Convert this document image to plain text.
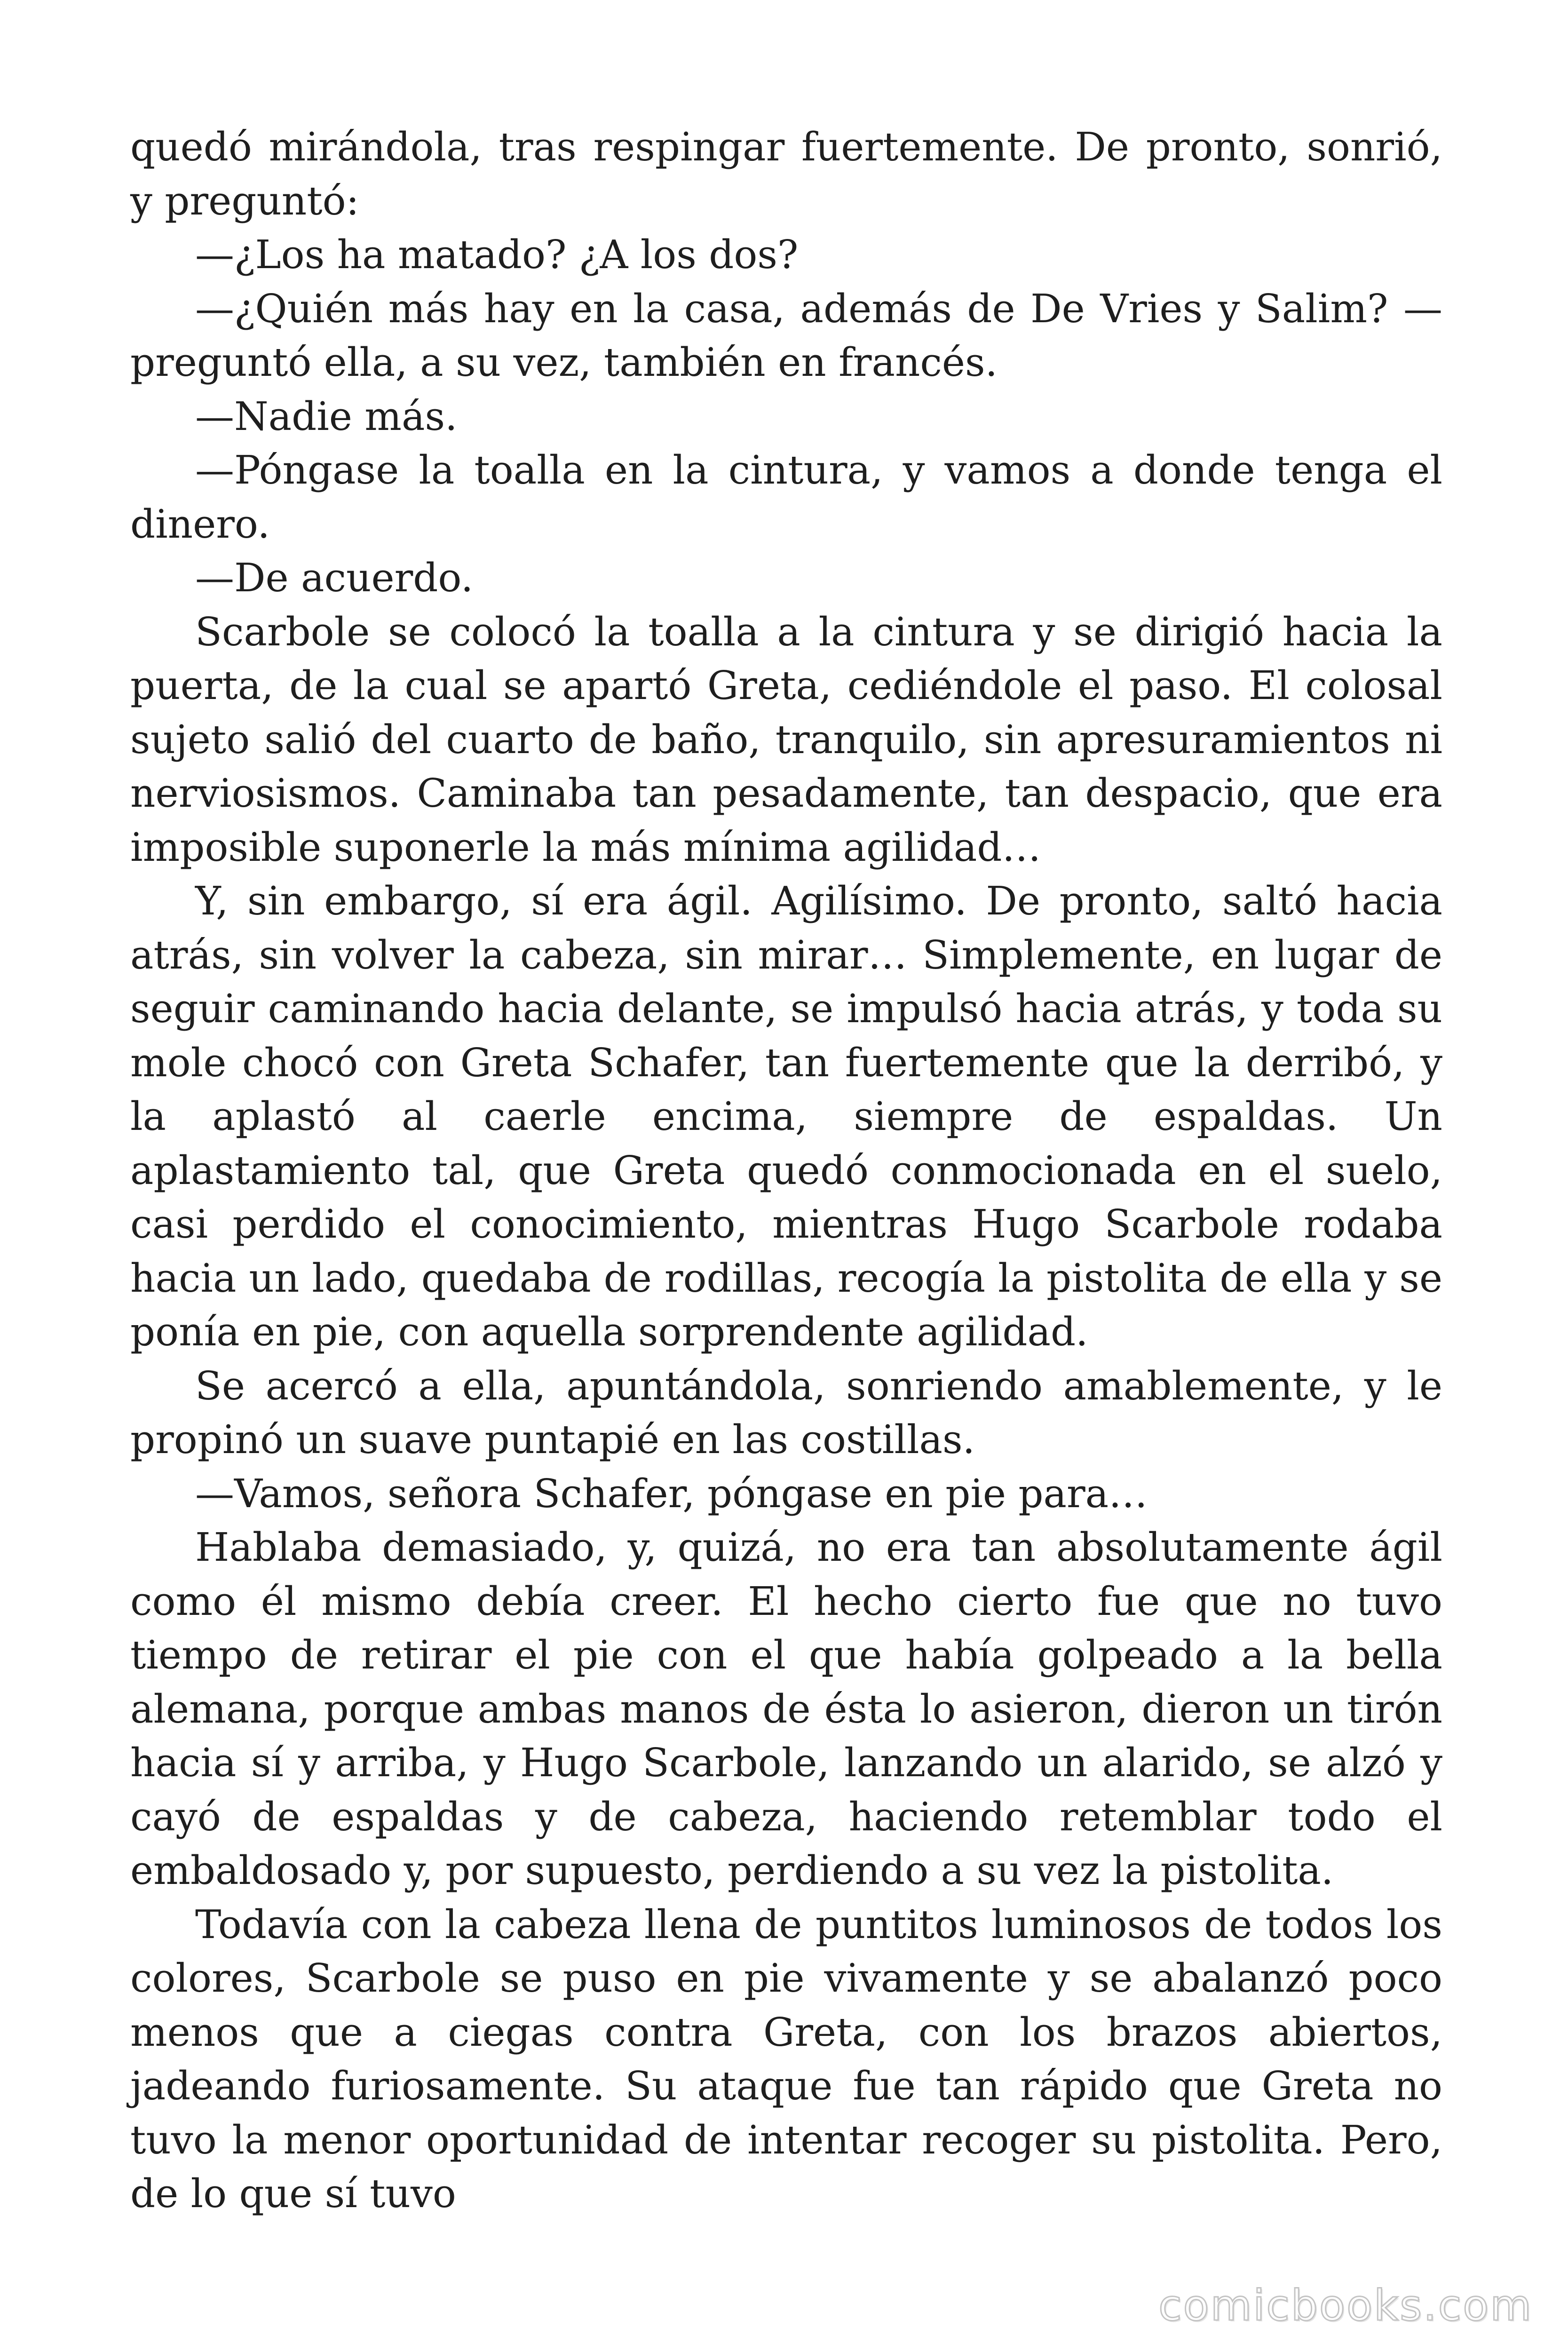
quedó mirándola, tras respingar fuertemente. De pronto, sonrió, y preguntó:

—¿Los ha matado? ¿A los dos?

—¿Quién más hay en la casa, además de De Vries y Salim? —preguntó ella, a su vez, también en francés.

—Nadie más.

—Póngase la toalla en la cintura, y vamos a donde tenga el dinero.

—De acuerdo.

Scarbole se colocó la toalla a la cintura y se dirigió hacia la puerta, de la cual se apartó Greta, cediéndole el paso. El colosal sujeto salió del cuarto de baño, tranquilo, sin apresuramientos ni nerviosismos. Caminaba tan pesadamente, tan despacio, que era imposible suponerle la más mínima agilidad…

Y, sin embargo, sí era ágil. Agilísimo. De pronto, saltó hacia atrás, sin volver la cabeza, sin mirar… Simplemente, en lugar de seguir caminando hacia delante, se impulsó hacia atrás, y toda su mole chocó con Greta Schafer, tan fuertemente que la derribó, y la aplastó al caerle encima, siempre de espaldas. Un aplastamiento tal, que Greta quedó conmocionada en el suelo, casi perdido el conocimiento, mientras Hugo Scarbole rodaba hacia un lado, quedaba de rodillas, recogía la pistolita de ella y se ponía en pie, con aquella sorprendente agilidad.

Se acercó a ella, apuntándola, sonriendo amablemente, y le propinó un suave puntapié en las costillas.

—Vamos, señora Schafer, póngase en pie para…

Hablaba demasiado, y, quizá, no era tan absolutamente ágil como él mismo debía creer. El hecho cierto fue que no tuvo tiempo de retirar el pie con el que había golpeado a la bella alemana, porque ambas manos de ésta lo asieron, dieron un tirón hacia sí y arriba, y Hugo Scarbole, lanzando un alarido, se alzó y cayó de espaldas y de cabeza, haciendo retemblar todo el embaldosado y, por supuesto, perdiendo a su vez la pistolita.

Todavía con la cabeza llena de puntitos luminosos de todos los colores, Scarbole se puso en pie vivamente y se abalanzó poco menos que a ciegas contra Greta, con los brazos abiertos, jadeando furiosamente. Su ataque fue tan rápido que Greta no tuvo la menor oportunidad de intentar recoger su pistolita. Pero, de lo que sí tuvo

comicbooks.com
